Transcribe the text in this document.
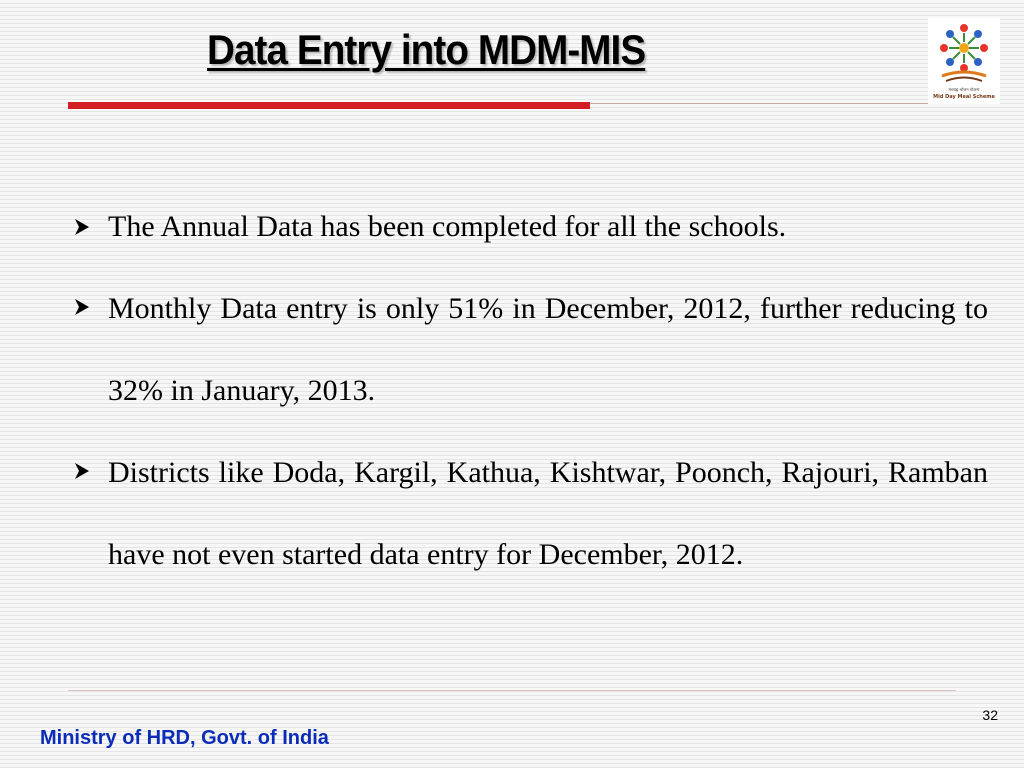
Data Entry into MDM-MIS
मध्याह्न भोजन योजना
Mid Day Meal Scheme
The Annual Data has been completed for all the schools.
Monthly Data entry is only 51% in December, 2012, further reducing to 32% in January, 2013.
Districts like Doda, Kargil, Kathua, Kishtwar, Poonch, Rajouri, Ramban have not even started data entry for December, 2012.
32
Ministry of HRD, Govt. of India
